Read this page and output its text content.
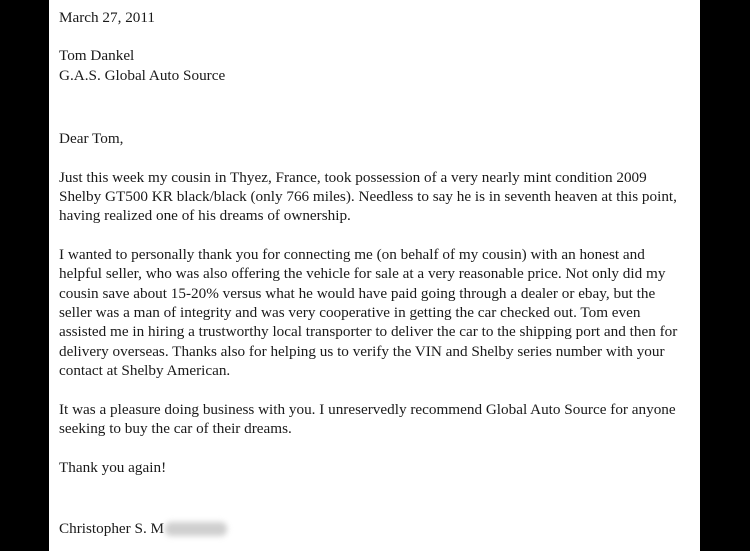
March 27, 2011
Tom Dankel
G.A.S. Global Auto Source
Dear Tom,
Just this week my cousin in Thyez, France, took possession of a very nearly mint condition 2009
Shelby GT500 KR black/black (only 766 miles). Needless to say he is in seventh heaven at this point,
having realized one of his dreams of ownership.
I wanted to personally thank you for connecting me (on behalf of my cousin) with an honest and
helpful seller, who was also offering the vehicle for sale at a very reasonable price. Not only did my
cousin save about 15-20% versus what he would have paid going through a dealer or ebay, but the
seller was a man of integrity and was very cooperative in getting the car checked out. Tom even
assisted me in hiring a trustworthy local transporter to deliver the car to the shipping port and then for
delivery overseas. Thanks also for helping us to verify the VIN and Shelby series number with your
contact at Shelby American.
It was a pleasure doing business with you. I unreservedly recommend Global Auto Source for anyone
seeking to buy the car of their dreams.
Thank you again!
Christopher S. M
